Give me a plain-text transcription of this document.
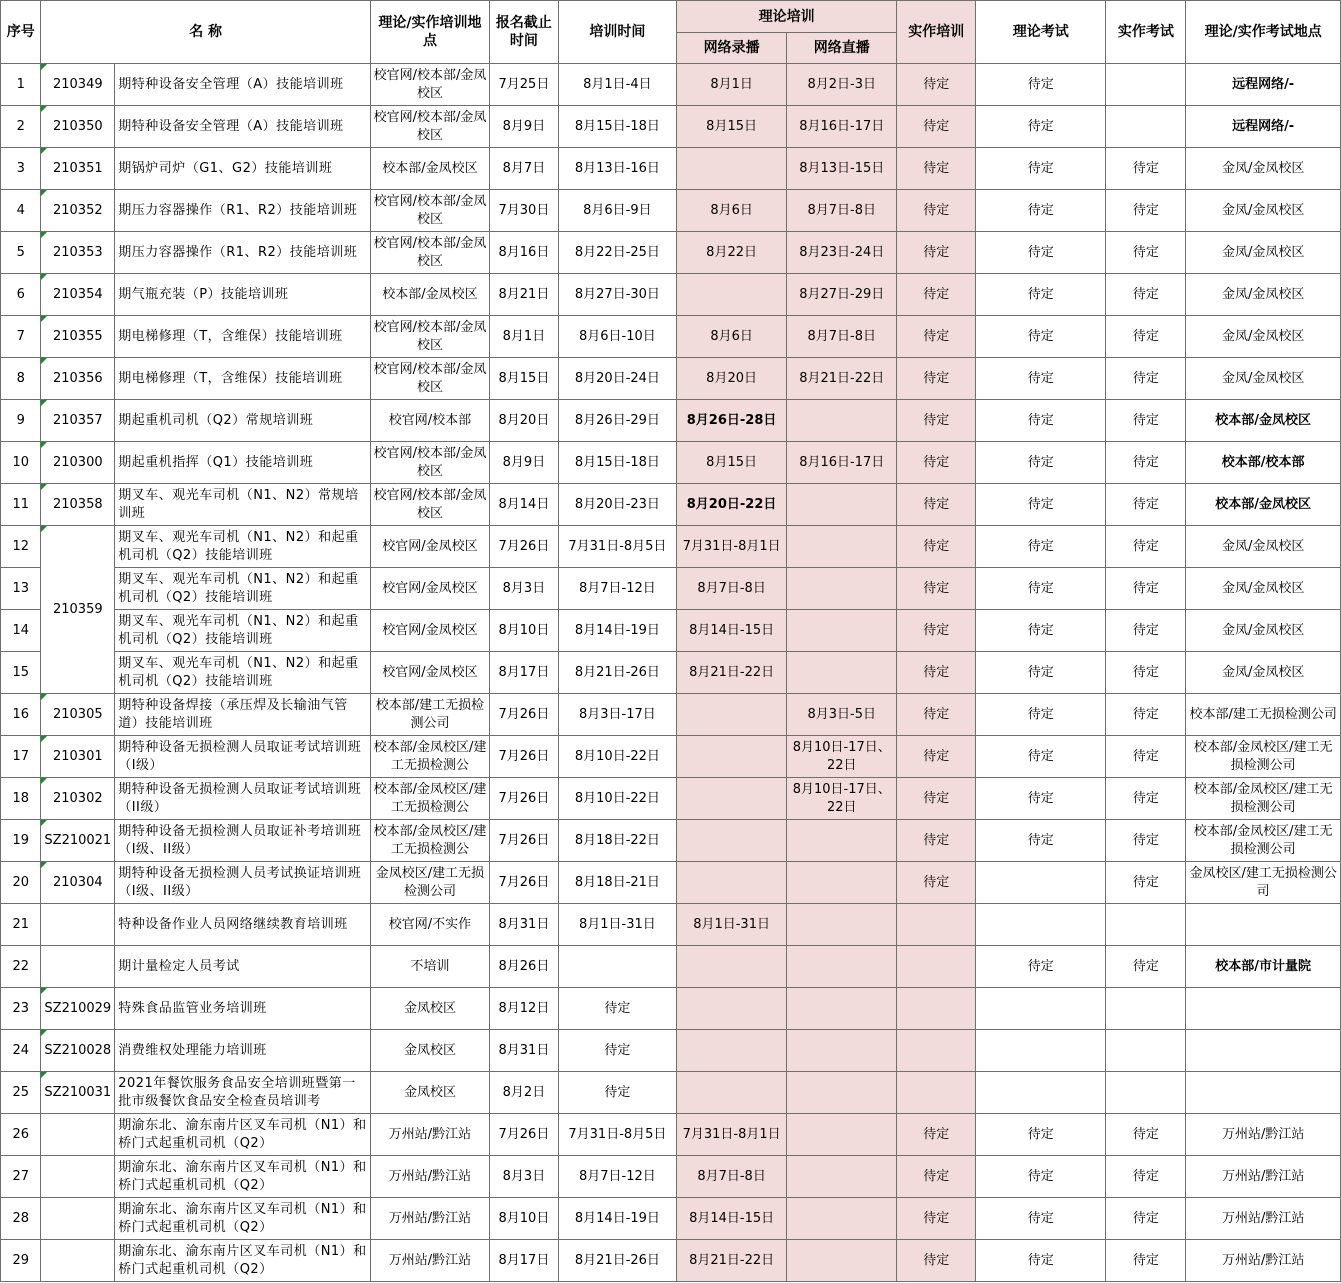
序号	名 称		理论/实作培训地点	报名截止时间	培训时间	理论培训		实作培训	理论考试	实作考试	理论/实作考试地点
						网络录播	网络直播				
1	210349	期特种设备安全管理（A）技能培训班	校官网/校本部/金凤校区	7月25日	8月1日-4日	8月1日	8月2日-3日	待定	待定		远程网络/-
2	210350	期特种设备安全管理（A）技能培训班	校官网/校本部/金凤校区	8月9日	8月15日-18日	8月15日	8月16日-17日	待定	待定		远程网络/-
3	210351	期锅炉司炉（G1、G2）技能培训班	校本部/金凤校区	8月7日	8月13日-16日		8月13日-15日	待定	待定	待定	金凤/金凤校区
4	210352	期压力容器操作（R1、R2）技能培训班	校官网/校本部/金凤校区	7月30日	8月6日-9日	8月6日	8月7日-8日	待定	待定	待定	金凤/金凤校区
5	210353	期压力容器操作（R1、R2）技能培训班	校官网/校本部/金凤校区	8月16日	8月22日-25日	8月22日	8月23日-24日	待定	待定	待定	金凤/金凤校区
6	210354	期气瓶充装（P）技能培训班	校本部/金凤校区	8月21日	8月27日-30日		8月27日-29日	待定	待定	待定	金凤/金凤校区
7	210355	期电梯修理（T，含维保）技能培训班	校官网/校本部/金凤校区	8月1日	8月6日-10日	8月6日	8月7日-8日	待定	待定	待定	金凤/金凤校区
8	210356	期电梯修理（T，含维保）技能培训班	校官网/校本部/金凤校区	8月15日	8月20日-24日	8月20日	8月21日-22日	待定	待定	待定	金凤/金凤校区
9	210357	期起重机司机（Q2）常规培训班	校官网/校本部	8月20日	8月26日-29日	8月26日-28日		待定	待定	待定	校本部/金凤校区
10	210300	期起重机指挥（Q1）技能培训班	校官网/校本部/金凤校区	8月9日	8月15日-18日	8月15日	8月16日-17日	待定	待定	待定	校本部/校本部
11	210358	期叉车、观光车司机（N1、N2）常规培训班	校官网/校本部/金凤校区	8月14日	8月20日-23日	8月20日-22日		待定	待定	待定	校本部/金凤校区
12	210359	期叉车、观光车司机（N1、N2）和起重机司机（Q2）技能培训班	校官网/金凤校区	7月26日	7月31日-8月5日	7月31日-8月1日		待定	待定	待定	金凤/金凤校区
13		期叉车、观光车司机（N1、N2）和起重机司机（Q2）技能培训班	校官网/金凤校区	8月3日	8月7日-12日	8月7日-8日		待定	待定	待定	金凤/金凤校区
14		期叉车、观光车司机（N1、N2）和起重机司机（Q2）技能培训班	校官网/金凤校区	8月10日	8月14日-19日	8月14日-15日		待定	待定	待定	金凤/金凤校区
15		期叉车、观光车司机（N1、N2）和起重机司机（Q2）技能培训班	校官网/金凤校区	8月17日	8月21日-26日	8月21日-22日		待定	待定	待定	金凤/金凤校区
16	210305	期特种设备焊接（承压焊及长输油气管道）技能培训班	校本部/建工无损检测公司	7月26日	8月3日-17日		8月3日-5日	待定	待定	待定	校本部/建工无损检测公司
17	210301	期特种设备无损检测人员取证考试培训班（I级）	校本部/金凤校区/建工无损检测公	7月26日	8月10日-22日		8月10日-17日、22日	待定	待定	待定	校本部/金凤校区/建工无损检测公司
18	210302	期特种设备无损检测人员取证考试培训班（II级）	校本部/金凤校区/建工无损检测公	7月26日	8月10日-22日		8月10日-17日、22日	待定	待定	待定	校本部/金凤校区/建工无损检测公司
19	SZ210021	期特种设备无损检测人员取证补考培训班（I级、II级）	校本部/金凤校区/建工无损检测公	7月26日	8月18日-22日			待定	待定	待定	校本部/金凤校区/建工无损检测公司
20	210304	期特种设备无损检测人员考试换证培训班（I级、II级）	金凤校区/建工无损检测公司	7月26日	8月18日-21日			待定		待定	金凤校区/建工无损检测公司
21		特种设备作业人员网络继续教育培训班	校官网/不实作	8月31日	8月1日-31日	8月1日-31日					
22		期计量检定人员考试	不培训	8月26日					待定	待定	校本部/市计量院
23	SZ210029	特殊食品监管业务培训班	金凤校区	8月12日	待定						
24	SZ210028	消费维权处理能力培训班	金凤校区	8月31日	待定						
25	SZ210031	2021年餐饮服务食品安全培训班暨第一批市级餐饮食品安全检查员培训考	金凤校区	8月2日	待定						
26		期渝东北、渝东南片区叉车司机（N1）和桥门式起重机司机（Q2）	万州站/黔江站	7月26日	7月31日-8月5日	7月31日-8月1日		待定	待定	待定	万州站/黔江站
27		期渝东北、渝东南片区叉车司机（N1）和桥门式起重机司机（Q2）	万州站/黔江站	8月3日	8月7日-12日	8月7日-8日		待定	待定	待定	万州站/黔江站
28		期渝东北、渝东南片区叉车司机（N1）和桥门式起重机司机（Q2）	万州站/黔江站	8月10日	8月14日-19日	8月14日-15日		待定	待定	待定	万州站/黔江站
29		期渝东北、渝东南片区叉车司机（N1）和桥门式起重机司机（Q2）	万州站/黔江站	8月17日	8月21日-26日	8月21日-22日		待定	待定	待定	万州站/黔江站
